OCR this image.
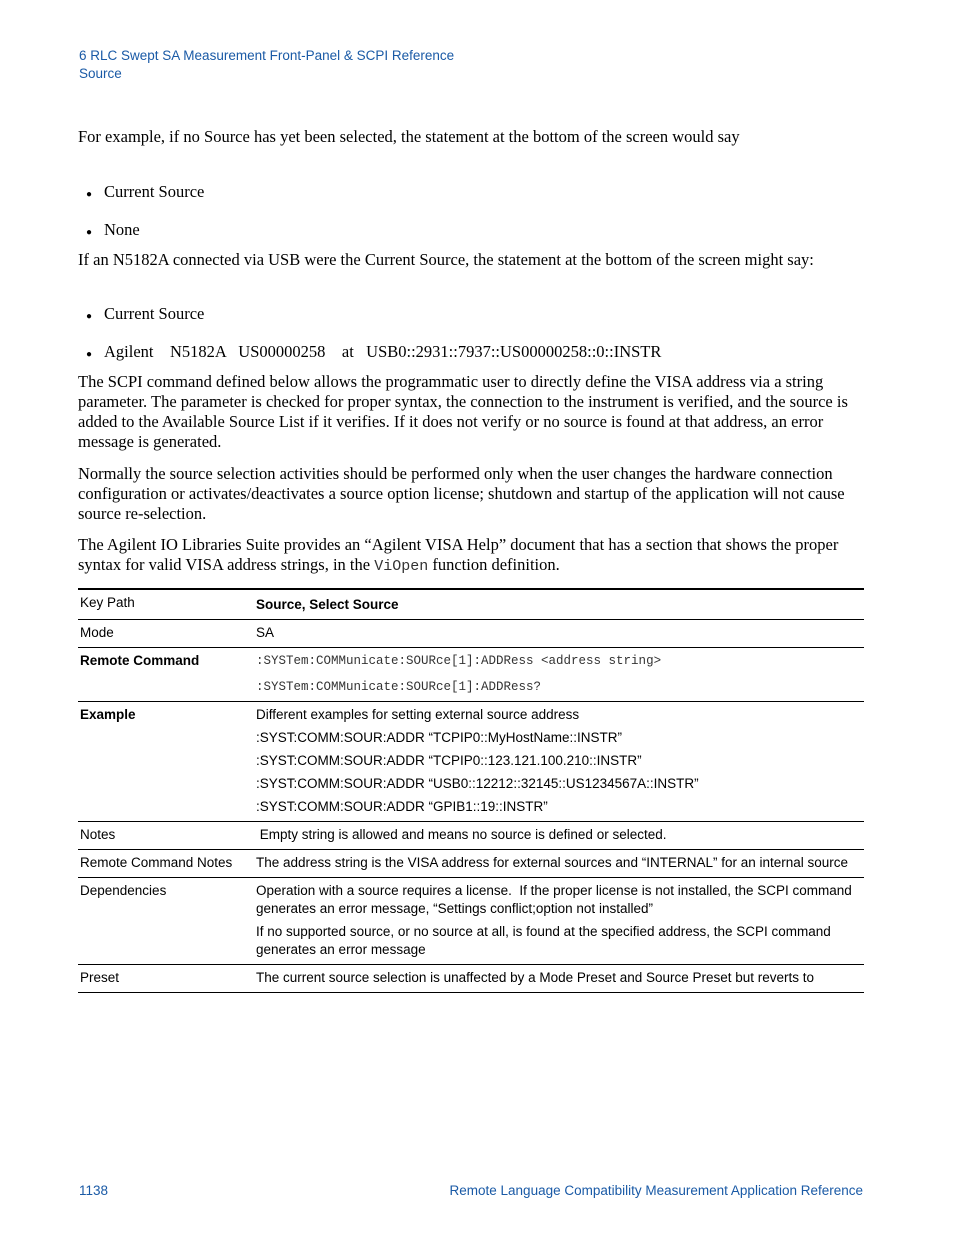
6 RLC Swept SA Measurement Front-Panel & SCPI Reference
Source

For example, if no Source has yet been selected, the statement at the bottom of the screen would say

● Current Source
● None

If an N5182A connected via USB were the Current Source, the statement at the bottom of the screen might say:

● Current Source
● Agilent    N5182A   US00000258    at   USB0::2931::7937::US00000258::0::INSTR

The SCPI command defined below allows the programmatic user to directly define the VISA address via a string parameter. The parameter is checked for proper syntax, the connection to the instrument is verified, and the source is added to the Available Source List if it verifies. If it does not verify or no source is found at that address, an error message is generated.

Normally the source selection activities should be performed only when the user changes the hardware connection configuration or activates/deactivates a source option license; shutdown and startup of the application will not cause source re-selection.

The Agilent IO Libraries Suite provides an “Agilent VISA Help” document that has a section that shows the proper syntax for valid VISA address strings, in the ViOpen function definition.

Key Path	Source, Select Source
Mode	SA
Remote Command	:SYSTem:COMMunicate:SOURce[1]:ADDRess <address string>
:SYSTem:COMMunicate:SOURce[1]:ADDRess?

Example	Different examples for setting external source address
:SYST:COMM:SOUR:ADDR “TCPIP0::MyHostName::INSTR”
:SYST:COMM:SOUR:ADDR “TCPIP0::123.121.100.210::INSTR”
:SYST:COMM:SOUR:ADDR “USB0::12212::32145::US1234567A::INSTR”
:SYST:COMM:SOUR:ADDR “GPIB1::19::INSTR”

Notes	Empty string is allowed and means no source is defined or selected.
Remote Command Notes	The address string is the VISA address for external sources and “INTERNAL” for an internal source
Dependencies	Operation with a source requires a license.  If the proper license is not installed, the SCPI command generates an error message, “Settings conflict;option not installed”
If no supported source, or no source at all, is found at the specified address, the SCPI command generates an error message

Preset	The current source selection is unaffected by a Mode Preset and Source Preset but reverts to
1138	Remote Language Compatibility Measurement Application Reference
